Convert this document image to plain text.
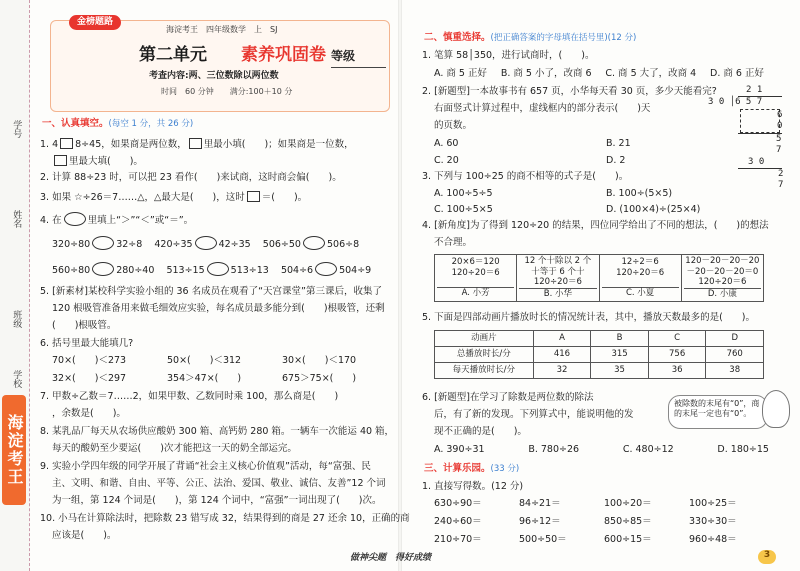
学号
姓名
班级
学校
海淀考王
金榜题路
海淀考王　四年级数学　上　SJ
第二单元 素养巩固卷 等级
考查内容:两、三位数除以两位数
时间　60 分钟　　满分:100＋10 分
一、认真填空。(每空 1 分，共 26 分)
1. 4 8÷45，如果商是两位数， 里最小填(　　)；如果商是一位数，
里最大填(　　)。
2. 计算 88÷23 时，可以把 23 看作(　　)来试商，这时商会偏(　　)。
3. 如果 ☆÷26＝7……△，△最大是(　　)，这时 ＝(　　)。
4. 在	里填上“＞”“＜”或“＝”。
320÷80	32÷8 420÷35	42÷35 506÷50	506÷8
560÷80	280÷40 513÷15	513÷13 504÷6	504÷9
5. [新素材]某校科学实验小组的 36 名成员在观看了“天宫课堂”第三课后，收集了
120 根吸管准备用来做毛细效应实验，每名成员最多能分到(　　)根吸管，还剩
(　　)根吸管。
6. 括号里最大能填几?
70×(　　)＜273	50×(　　)＜312	30×(　　)＜170
32×(　　)＜297	354＞47×(　　)	675＞75×(　　)
7. 甲数÷乙数＝7……2，如果甲数、乙数同时乘 100，那么商是(　　)
，余数是(　　)。
8. 某乳品厂每天从农场供应酸奶 300 箱、高钙奶 280 箱。一辆车一次能运 40 箱，
每天的酸奶至少要运(　　)次才能把这一天的奶全部运完。
9. 实验小学四年级的同学开展了背诵“社会主义核心价值观”活动，每“富强、民
主、文明、和谐、自由、平等、公正、法治、爱国、敬业、诚信、友善”12 个词
为一组，第 124 个词是(　　)，第 124 个词中，“富强”一词出现了(　　)次。
10. 小马在计算除法时，把除数 23 错写成 32，结果得到的商是 27 还余 10，正确的商
应该是(　　)。
二、慎重选择。(把正确答案的字母填在括号里)(12 分)
1. 笔算 58│350，进行试商时，(　　)。
A. 商 5 正好 B. 商 5 小了，改商 6 C. 商 5 大了，改商 4 D. 商 6 正好
2. [新题型]一本故事书有 657 页，小华每天看 30 页，多少天能看完?
右面竖式计算过程中，虚线框内的部分表示(　　)天
的页数。
2 1
3 0 │6 5 7
6 0
5 7
3 0
2 7
A. 60	B. 21
C. 20	D. 2
3. 下列与 100÷25 的商不相等的式子是(　　)。
A. 100÷5÷5	B. 100÷(5×5)
C. 100÷5×5	D. (100×4)÷(25×4)
4. [新角度]为了得到 120÷20 的结果，四位同学给出了不同的想法，(　　)的想法
不合理。
20×6＝120
120÷20＝6
A. 小芳

12 个十除以 2 个
十等于 6 个十
120÷20＝6
B. 小华

12÷2＝6
120÷20＝6
C. 小夏

120－20－20－20
－20－20－20＝0
120÷20＝6
D. 小康
5. 下面是四部动画片播放时长的情况统计表，其中，播放天数最多的是(　　)。
动画片	A	B	C	D
总播放时长/分	416	315	756	760
每天播放时长/分	32	35	36	38
6. [新题型]在学习了除数是两位数的除法
后，有了新的发现。下列算式中，能说明他的发
现不正确的是(　　)。
被除数的末尾有“0”，商的末尾一定也有“0”。
A. 390÷31	B. 780÷26	C. 480÷12	D. 180÷15
三、计算乐园。(33 分)
1. 直接写得数。(12 分)
630÷90＝	84÷21＝	100÷20＝	100÷25＝
240÷60＝	96÷12＝	850÷85＝	330÷30＝
210÷70＝	500÷50＝	600÷15＝	960÷48＝
做神尖题　得好成绩	3
